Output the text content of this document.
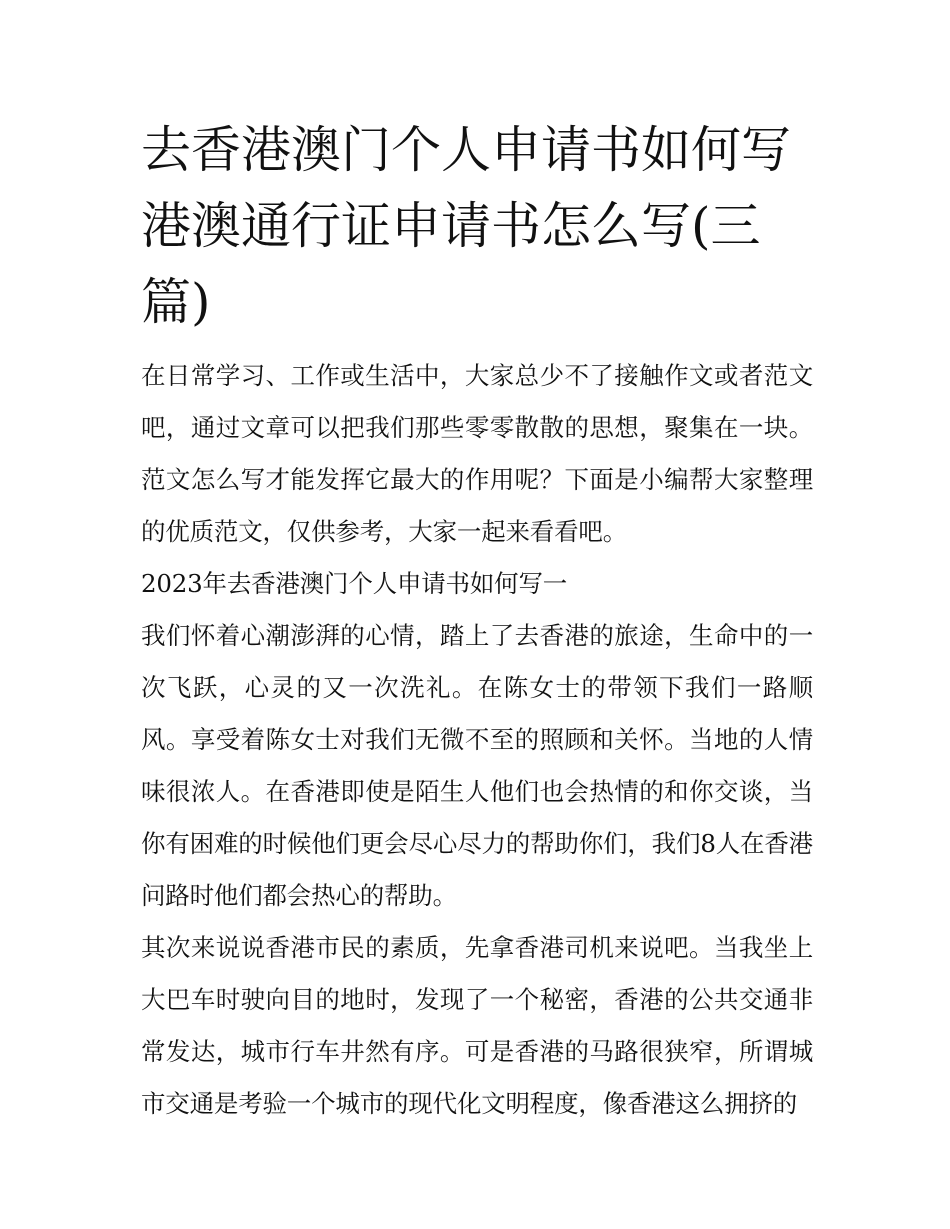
去香港澳门个人申请书如何写港澳通行证申请书怎么写(三篇)

在日常学习、工作或生活中，大家总少不了接触作文或者范文吧，通过文章可以把我们那些零零散散的思想，聚集在一块。范文怎么写才能发挥它最大的作用呢？下面是小编帮大家整理的优质范文，仅供参考，大家一起来看看吧。

2023年去香港澳门个人申请书如何写一

我们怀着心潮澎湃的心情，踏上了去香港的旅途，生命中的一次飞跃，心灵的又一次洗礼。在陈女士的带领下我们一路顺风。享受着陈女士对我们无微不至的照顾和关怀。当地的人情味很浓人。在香港即使是陌生人他们也会热情的和你交谈，当你有困难的时候他们更会尽心尽力的帮助你们，我们8人在香港问路时他们都会热心的帮助。

其次来说说香港市民的素质，先拿香港司机来说吧。当我坐上大巴车时驶向目的地时，发现了一个秘密，香港的公共交通非常发达，城市行车井然有序。可是香港的马路很狭窄，所谓城市交通是考验一个城市的现代化文明程度，像香港这么拥挤的
